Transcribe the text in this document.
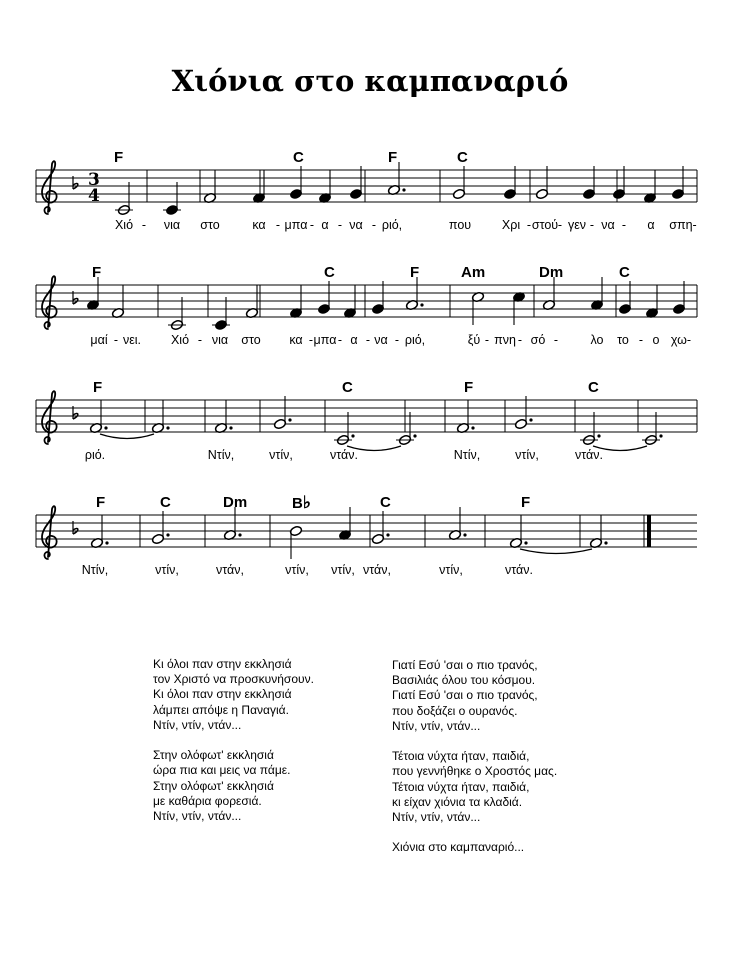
Χιόνια στο καμπαναριό
3
4
F	C	F	C
Χιό - νια στο	κα - μπα - α - να - ριό,	που Χρι - στού - γεν - να - α σπη-
F	C	F	Am	Dm	C
μαί - νει. Χιό - νια στο κα - μπα - α - να - ριό,	ξύ - πνη - σό -	λο το - ο χω-
F	C	F	C
ριό.	Ντίν,	ντίν,	ντάν.	Ντίν,	ντίν,	ντάν.
F	C	Dm	B♭	C	F
Ντίν,	ντίν,	ντάν,	ντίν, ντίν, ντάν,	ντίν,	ντάν.
Κι όλοι παν στην εκκλησιά
τον Χριστό να προσκυνήσουν.
Κι όλοι παν στην εκκλησιά
λάμπει απόψε η Παναγιά.
Ντίν, ντίν, ντάν...
Στην ολόφωτ' εκκλησιά
ώρα πια και μεις να πάμε.
Στην ολόφωτ' εκκλησιά
με καθάρια φορεσιά.
Ντίν, ντίν, ντάν...
Γιατί Εσύ 'σαι ο πιο τρανός,
Βασιλιάς όλου του κόσμου.
Γιατί Εσύ 'σαι ο πιο τρανός,
που δοξάζει ο ουρανός.
Ντίν, ντίν, ντάν...
Τέτοια νύχτα ήταν, παιδιά,
που γεννήθηκε ο Χροστός μας.
Τέτοια νύχτα ήταν, παιδιά,
κι είχαν χιόνια τα κλαδιά.
Ντίν, ντίν, ντάν...
Χιόνια στο καμπαναριό...
